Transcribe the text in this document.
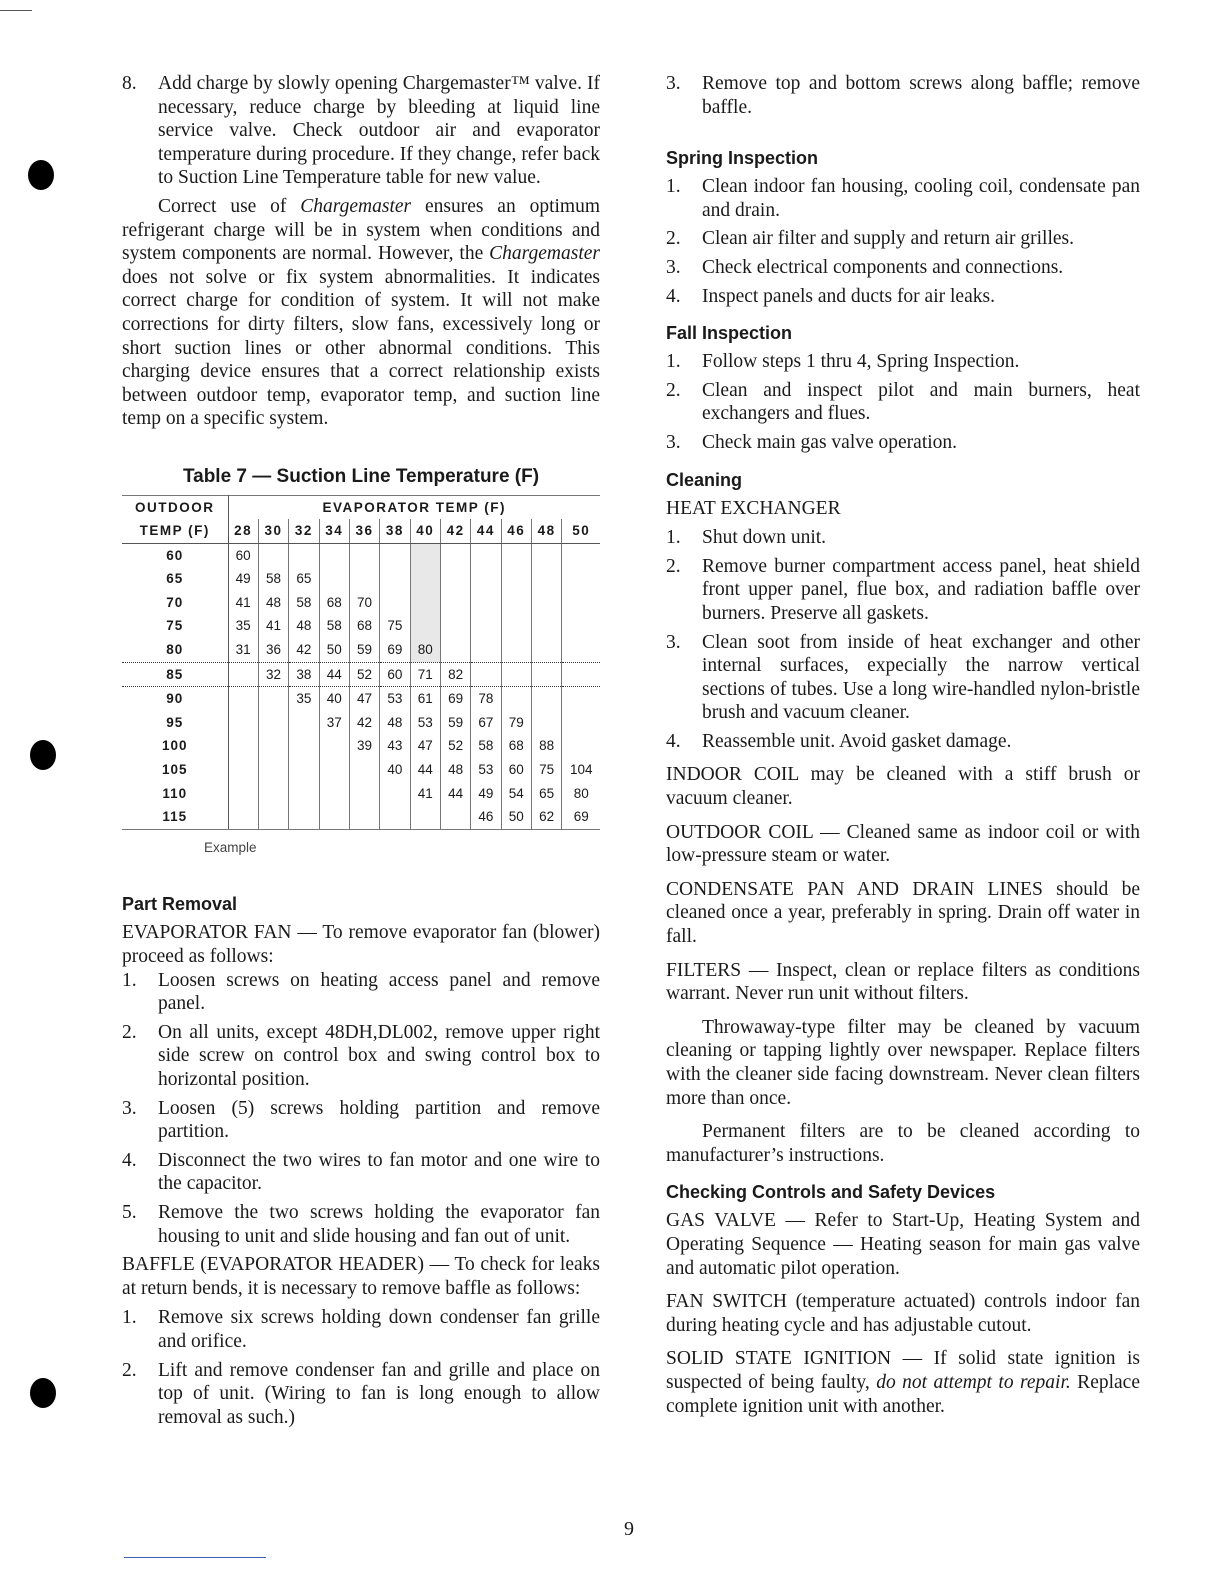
8. Add charge by slowly opening Chargemaster™ valve. If necessary, reduce charge by bleeding at liquid line service valve. Check outdoor air and evaporator temperature during procedure. If they change, refer back to Suction Line Temperature table for new value.

Correct use of Chargemaster ensures an optimum refrigerant charge will be in system when conditions and system components are normal. However, the Chargemaster does not solve or fix system abnormalities. It indicates correct charge for condition of system. It will not make corrections for dirty filters, slow fans, excessively long or short suction lines or other abnormal conditions. This charging device ensures that a correct relationship exists between outdoor temp, evaporator temp, and suction line temp on a specific system.

Table 7 — Suction Line Temperature (F)
OUTDOOR	EVAPORATOR TEMP (F)											
TEMP (F)	28	30	32	34	36	38	40	42	44	46	48	50
60	60											
65	49	58	65									
70	41	48	58	68	70							
75	35	41	48	58	68	75						
80	31	36	42	50	59	69	80					
85		32	38	44	52	60	71	82				
90			35	40	47	53	61	69	78			
95				37	42	48	53	59	67	79		
100					39	43	47	52	58	68	88	
105						40	44	48	53	60	75	104
110							41	44	49	54	65	80
115									46	50	62	69
Example
Part Removal

EVAPORATOR FAN — To remove evaporator fan (blower) proceed as follows:

1. Loosen screws on heating access panel and remove panel.
2. On all units, except 48DH,DL002, remove upper right side screw on control box and swing control box to horizontal position.
3. Loosen (5) screws holding partition and remove partition.
4. Disconnect the two wires to fan motor and one wire to the capacitor.
5. Remove the two screws holding the evaporator fan housing to unit and slide housing and fan out of unit.

BAFFLE (EVAPORATOR HEADER) — To check for leaks at return bends, it is necessary to remove baffle as follows:

1. Remove six screws holding down condenser fan grille and orifice.
2. Lift and remove condenser fan and grille and place on top of unit. (Wiring to fan is long enough to allow removal as such.)
3. Remove top and bottom screws along baffle; remove baffle.
Spring Inspection
1. Clean indoor fan housing, cooling coil, condensate pan and drain.
2. Clean air filter and supply and return air grilles.
3. Check electrical components and connections.
4. Inspect panels and ducts for air leaks.
Fall Inspection
1. Follow steps 1 thru 4, Spring Inspection.
2. Clean and inspect pilot and main burners, heat exchangers and flues.
3. Check main gas valve operation.
Cleaning

HEAT EXCHANGER

1. Shut down unit.
2. Remove burner compartment access panel, heat shield front upper panel, flue box, and radiation baffle over burners. Preserve all gaskets.
3. Clean soot from inside of heat exchanger and other internal surfaces, expecially the narrow vertical sections of tubes. Use a long wire-handled nylon-bristle brush and vacuum cleaner.
4. Reassemble unit. Avoid gasket damage.

INDOOR COIL may be cleaned with a stiff brush or vacuum cleaner.

OUTDOOR COIL — Cleaned same as indoor coil or with low-pressure steam or water.

CONDENSATE PAN AND DRAIN LINES should be cleaned once a year, preferably in spring. Drain off water in fall.

FILTERS — Inspect, clean or replace filters as conditions warrant. Never run unit without filters.

Throwaway-type filter may be cleaned by vacuum cleaning or tapping lightly over newspaper. Replace filters with the cleaner side facing downstream. Never clean filters more than once.

Permanent filters are to be cleaned according to manufacturer’s instructions.

Checking Controls and Safety Devices

GAS VALVE — Refer to Start-Up, Heating System and Operating Sequence — Heating season for main gas valve and automatic pilot operation.

FAN SWITCH (temperature actuated) controls indoor fan during heating cycle and has adjustable cutout.

SOLID STATE IGNITION — If solid state ignition is suspected of being faulty, do not attempt to repair. Replace complete ignition unit with another.

9
